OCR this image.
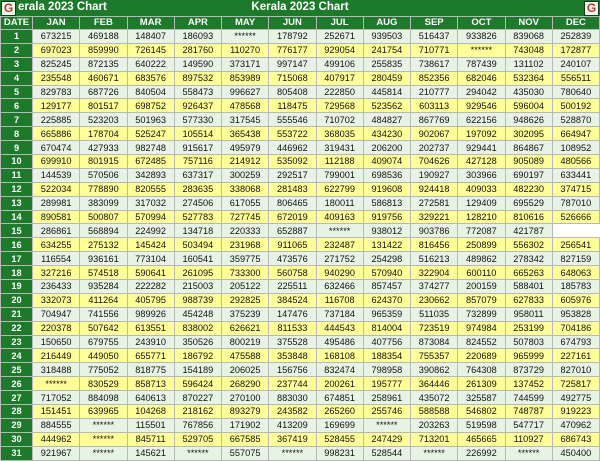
G erala 2023 Chart	Kerala 2023 Chart	G
DATE	JAN	FEB	MAR	APR	MAY	JUN	JUL	AUG	SEP	OCT	NOV	DEC
1	673215	469188	148407	186093	******	178792	252671	939503	516437	933826	839068	252839
2	697023	859990	726145	281760	110270	776177	929054	241754	710771	******	743048	172877
3	825245	872135	640222	149590	373171	997147	499106	255835	738617	787439	131102	240107
4	235548	460671	683576	897532	853989	715068	407917	280459	852356	682046	532364	556511
5	829783	687726	840504	558473	996627	805408	222850	445814	210777	294042	435030	780640
6	129177	801517	698752	926437	478568	118475	729568	523562	603113	929546	596004	500192
7	225885	523203	501963	577330	317545	555546	710702	484827	867769	622156	948626	528870
8	665886	178704	525247	105514	365438	553722	368035	434230	902067	197092	302095	664947
9	670474	427933	982748	915617	495979	446962	319431	206200	202737	929441	864867	108952
10	699910	801915	672485	757116	214912	535092	112188	409074	704626	427128	905089	480566
11	144539	570506	342893	637317	300259	292517	799001	698536	190927	303966	690197	633441
12	522034	778890	820555	283635	338068	281483	622799	919608	924418	409033	482230	374715
13	289981	383099	317032	274506	617055	806465	180011	586813	272581	129409	695529	787010
14	890581	500807	570994	527783	727745	672019	409163	919756	329221	128210	810616	526666
15	286861	568894	224992	134718	220333	652887	******	938012	903786	772087	421787	
16	634255	275132	145424	503494	231968	911065	232487	131422	816456	250899	556302	256541
17	116554	936161	773104	160541	359775	473576	271752	254298	516213	489862	278342	827159
18	327216	574518	590641	261095	733300	560758	940290	570940	322904	600110	665263	648063
19	236433	935284	222282	215003	205122	225511	632466	857457	374277	200159	588401	185783
20	332073	411264	405795	988739	292825	384524	116708	624370	230662	857079	627833	605976
21	704947	741556	989926	454248	375239	147476	737184	965359	511035	732899	958011	953828
22	220378	507642	613551	838002	626621	811533	444543	814004	723519	974984	253199	704186
23	150650	679755	243910	350526	800219	375528	495486	407756	873084	824552	507803	674793
24	216449	449050	655771	186792	475588	353848	168108	188354	755357	220689	965999	227161
25	318488	775052	818775	154189	206025	156756	832474	798958	390862	764308	873729	827010
26	******	830529	858713	596424	268290	237744	200261	195777	364446	261309	137452	725817
27	717052	884098	640613	870227	270100	883030	674851	258961	435072	325587	744599	492775
28	151451	639965	104268	218162	893279	243582	265260	255746	588588	546802	748787	919223
29	884555	******	115501	767856	171902	413209	169699	******	203263	519598	547717	470962
30	444962	******	845711	529705	667585	367419	528455	247429	713201	465665	110927	686743
31	921967	******	145621	******	557075	******	998231	528544	******	226992	******	450400
